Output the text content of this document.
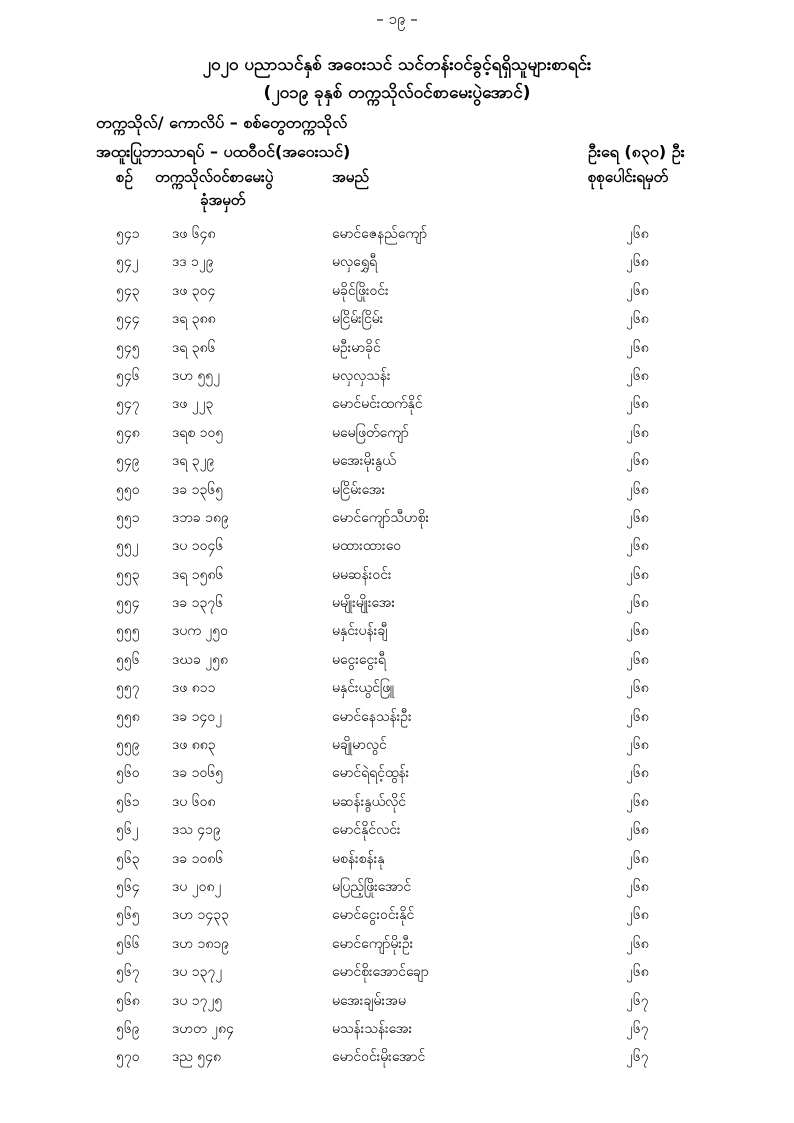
– ၁၉ –
၂၀၂၀ ပညာသင်နှစ် အဝေးသင် သင်တန်းဝင်ခွင့်ရရှိသူများစာရင်း
(၂၀၁၉ ခုနှစ် တက္ကသိုလ်ဝင်စာမေးပွဲအောင်)
တက္ကသိုလ်/ ကောလိပ် – စစ်တွေတက္ကသိုလ်
အထူးပြုဘာသာရပ် – ပထဝီဝင်(အဝေးသင်)	ဦးရေ (၈၃၀) ဦး
စဉ် တက္ကသိုလ်ဝင်စာမေးပွဲ
ခုံအမှတ်
အမည်	စုစုပေါင်းရမှတ်
၅၄၁ ဒဖ ၆၄၈	မောင်ဇေနည်ကျော်	၂၆၈
၅၄၂ ဒဒ ၁၂၉	မလှရွှေရီ	၂၆၈
၅၄၃ ဒဖ ၃၀၄	မခိုင်ဖြိုးဝင်း	၂၆၈
၅၄၄ ဒရ ၃၈၈	မငြိမ်းငြိမ်း	၂၆၈
၅၄၅ ဒရ ၃၈၆	မဦးမာခိုင်	၂၆၈
၅၄၆ ဒဟ ၅၅၂	မလှလှသန်း	၂၆၈
၅၄၇ ဒဖ ၂၂၃	မောင်မင်းထက်နိုင်	၂၆၈
၅၄၈ ဒရစ ၁၀၅	မမေဖြတ်ကျော်	၂၆၈
၅၄၉ ဒရ ၃၂၉	မအေးမိုးနွယ်	၂၆၈
၅၅၀ ဒခ ၁၃၆၅	မငြိမ်းအေး	၂၆၈
၅၅၁ ဒဘခ ၁၈၉	မောင်ကျော်သီဟစိုး	၂၆၈
၅၅၂ ဒပ ၁၀၄၆	မထားထားဝေ	၂၆၈
၅၅၃ ဒရ ၁၅၈၆	မမဆန်းဝင်း	၂၆၈
၅၅၄ ဒခ ၁၃၇၆	မမျိုးမျိုးအေး	၂၆၈
၅၅၅ ဒပက ၂၅၀	မနှင်းပန်းချီ	၂၆၈
၅၅၆ ဒဃခ ၂၅၈	မငွေးငွေးရီ	၂၆၈
၅၅၇ ဒဖ ၈၁၁	မနှင်းယွင်ဖြူ	၂၆၈
၅၅၈ ဒခ ၁၄၀၂	မောင်နေသန်းဦး	၂၆၈
၅၅၉ ဒဖ ၈၈၃	မချိုမာလွင်	၂၆၈
၅၆၀ ဒခ ၁၀၆၅	မောင်ရဲရင့်ထွန်း	၂၆၈
၅၆၁ ဒပ ၆၀၈	မဆန်းနွယ်လိုင်	၂၆၈
၅၆၂ ဒသ ၄၁၉	မောင်နိုင်လင်း	၂၆၈
၅၆၃ ဒခ ၁၀၈၆	မစန်းစန်းနု	၂၆၈
၅၆၄ ဒပ ၂၀၈၂	မပြည့်ဖြိုးအောင်	၂၆၈
၅၆၅ ဒဟ ၁၄၃၃	မောင်ငွေးဝင်းနိုင်	၂၆၈
၅၆၆ ဒဟ ၁၈၁၉	မောင်ကျော်မိုးဦး	၂၆၈
၅၆၇ ဒပ ၁၃၇၂	မောင်စိုးအောင်ချော	၂၆၈
၅၆၈ ဒပ ၁၇၂၅	မအေးချမ်းအမ	၂၆၇
၅၆၉ ဒဟတ ၂၈၄	မသန်းသန်းအေး	၂၆၇
၅၇၀ ဒည ၅၄၈	မောင်ဝင်းမိုးအောင်	၂၆၇
